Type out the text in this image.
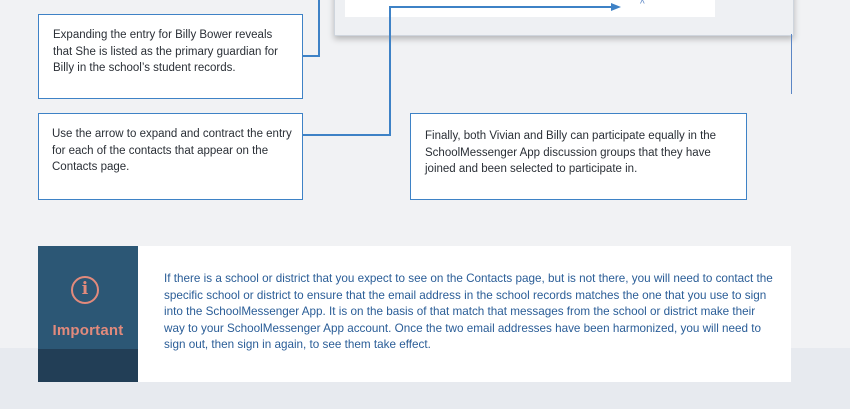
^

Expanding the entry for Billy Bower reveals that She is listed as the primary guardian for Billy in the school’s student records.

Use the arrow to expand and contract the entry for each of the contacts that appear on the Contacts page.

Finally, both Vivian and Billy can participate equally in the SchoolMessenger App discussion groups that they have joined and been selected to participate in.

i
Important

If there is a school or district that you expect to see on the Contacts page, but is not there, you will need to contact the specific school or district to ensure that the email address in the school records matches the one that you use to sign into the SchoolMessenger App. It is on the basis of that match that messages from the school or district make their way to your SchoolMessenger App account. Once the two email addresses have been harmonized, you will need to sign out, then sign in again, to see them take effect.
